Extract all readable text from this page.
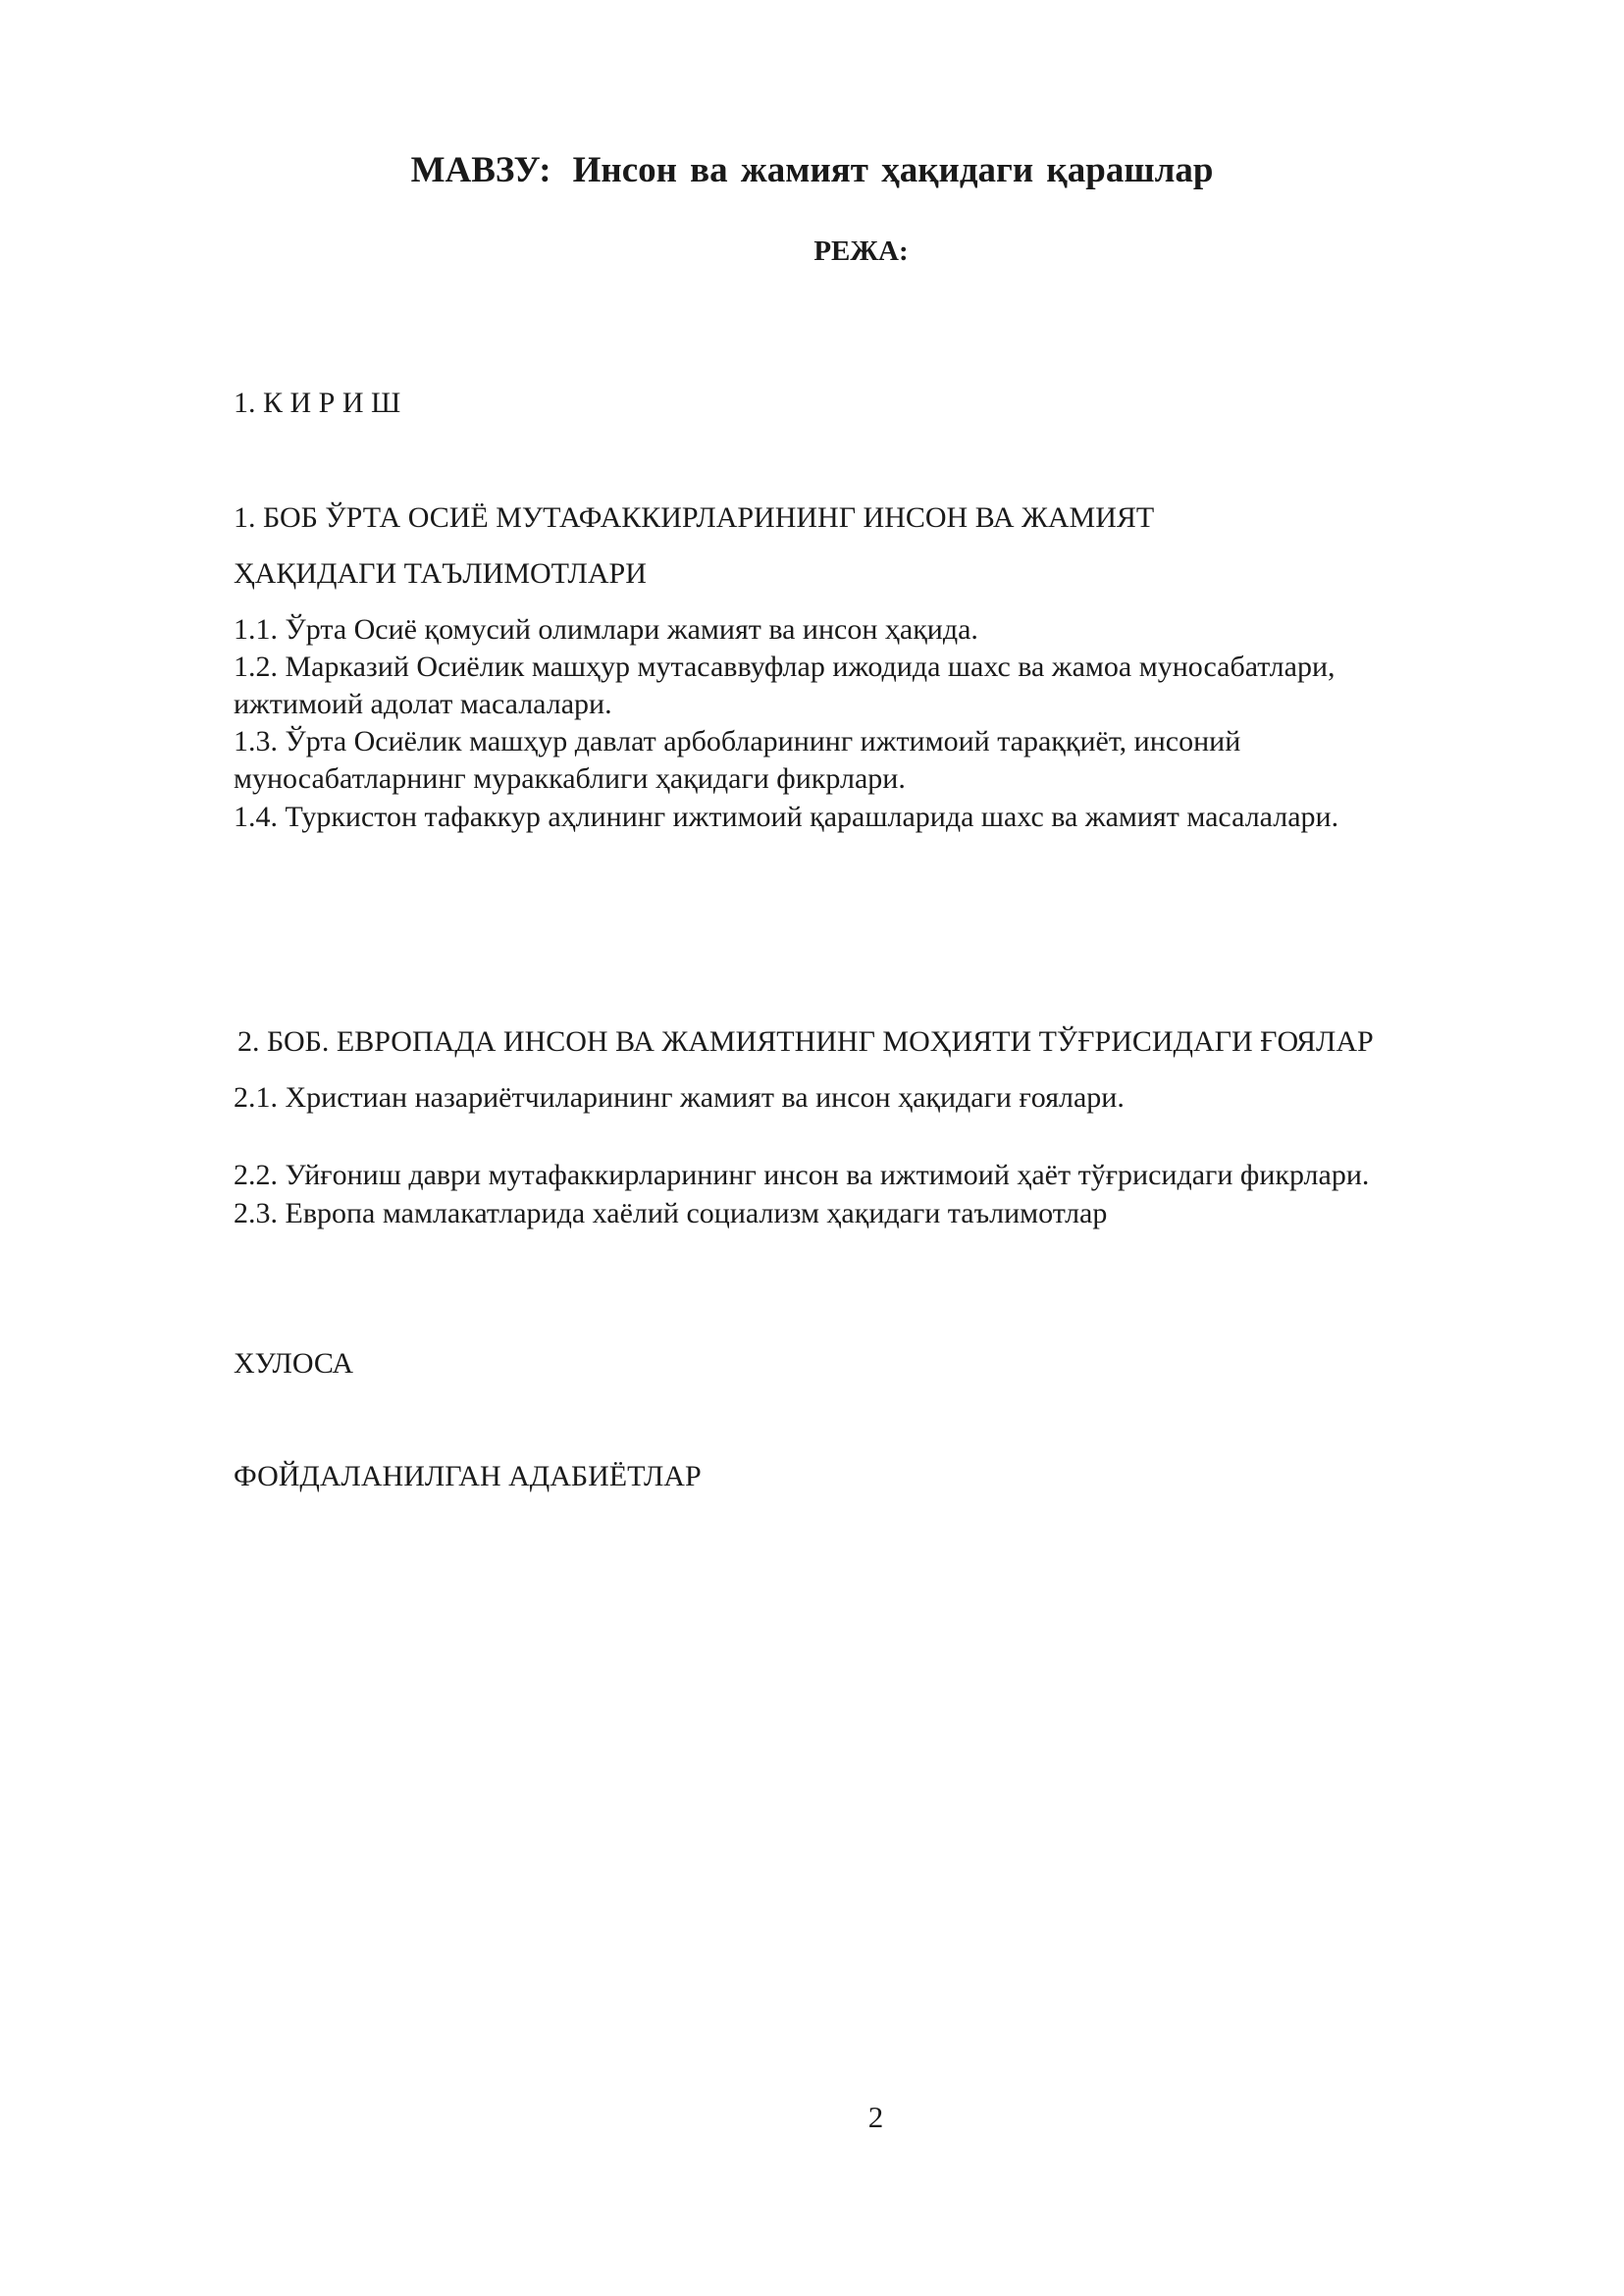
МАВЗУ: Инсон ва жамият ҳақидаги қарашлар
РЕЖА:
1. К И Р И Ш
1. БОБ ЎРТА ОСИЁ МУТАФАККИРЛАРИНИНГ ИНСОН ВА ЖАМИЯТ
ҲАҚИДАГИ ТАЪЛИМОТЛАРИ
1.1. Ўрта Осиё қомусий олимлари жамият ва инсон ҳақида.
1.2. Марказий Осиёлик машҳур мутасаввуфлар ижодида шахс ва жамоа муносабатлари,
ижтимоий адолат масалалари.
1.3. Ўрта Осиёлик машҳур давлат арбобларининг ижтимоий тараққиёт, инсоний
муносабатларнинг мураккаблиги ҳақидаги фикрлари.
1.4. Туркистон тафаккур аҳлининг ижтимоий қарашларида шахс ва жамият масалалари.
2. БОБ. ЕВРОПАДА ИНСОН ВА ЖАМИЯТНИНГ МОҲИЯТИ ТЎҒРИСИДАГИ ҒОЯЛАР
2.1. Христиан назариётчиларининг жамият ва инсон ҳақидаги ғоялари.
2.2. Уйғониш даври мутафаккирларининг инсон ва ижтимоий ҳаёт тўғрисидаги фикрлари.
2.3. Европа мамлакатларида хаёлий социализм ҳақидаги таълимотлар
ХУЛОСА
ФОЙДАЛАНИЛГАН АДАБИЁТЛАР
2
